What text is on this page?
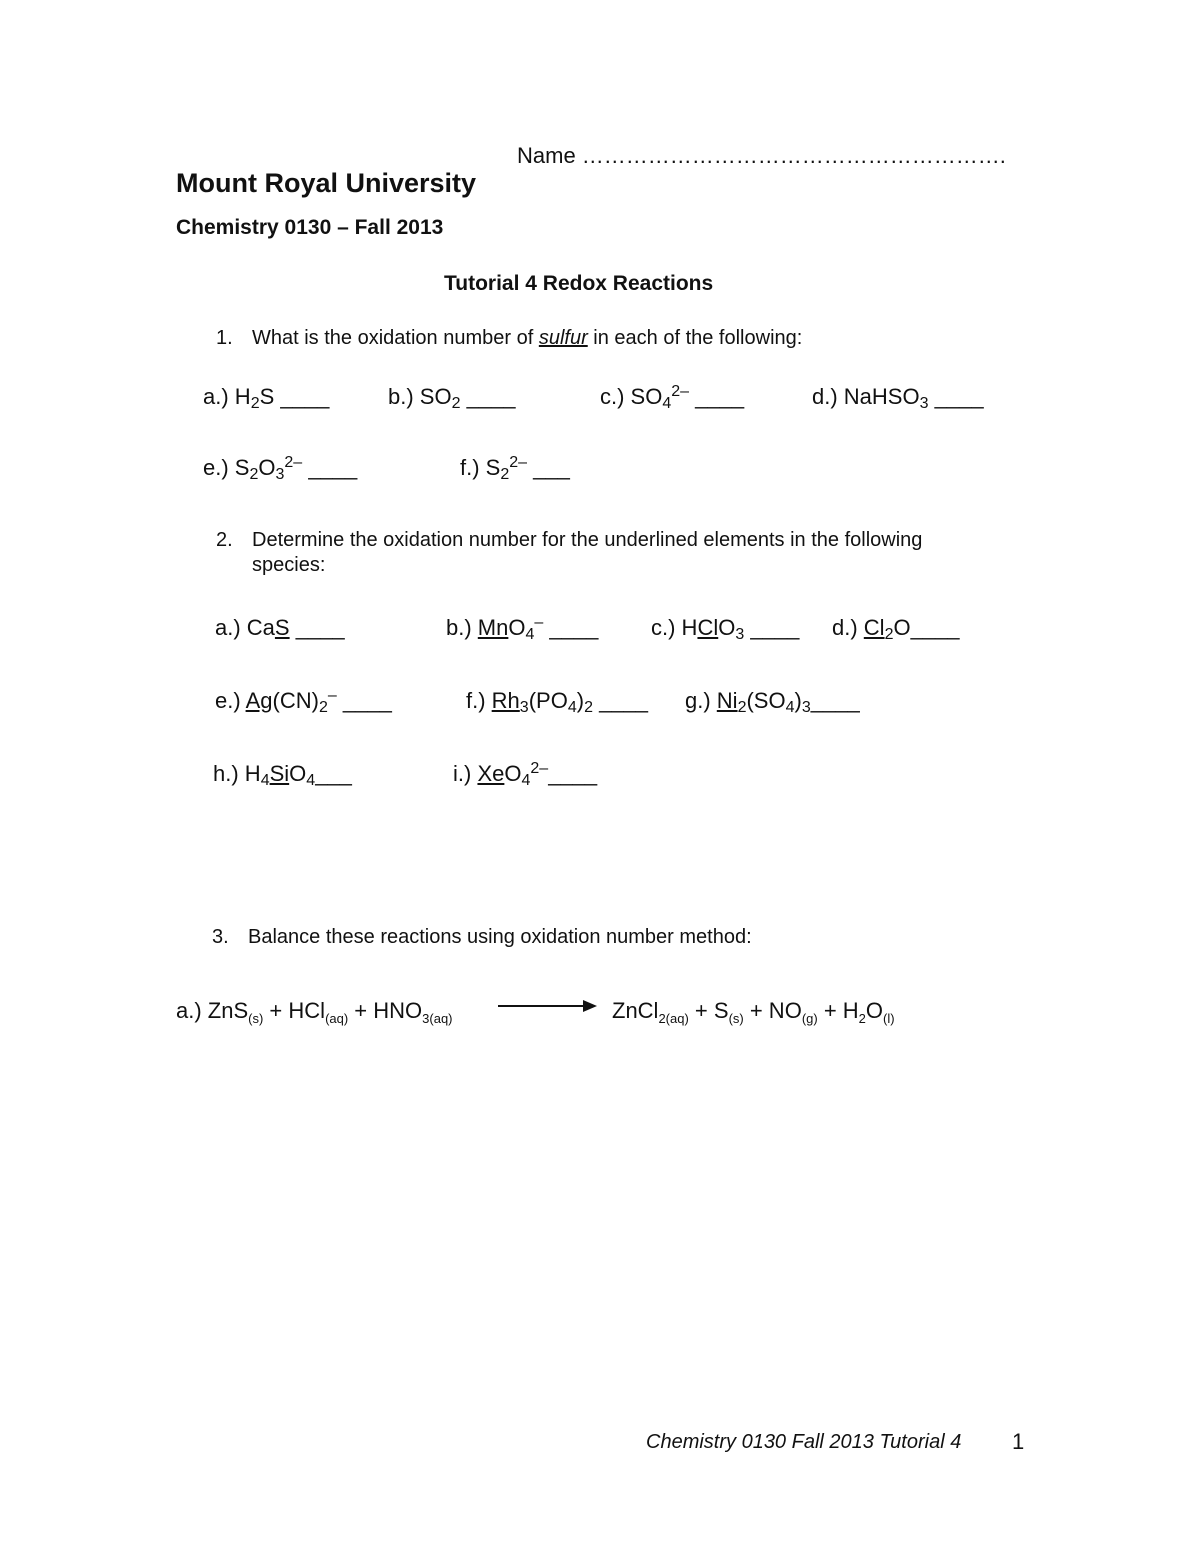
Name ………………………………………………….
Mount Royal University
Chemistry 0130 – Fall 2013
Tutorial 4 Redox Reactions
1. What is the oxidation number of sulfur in each of the following:
a.) $H_2S$ ____	b.) $SO_2$ ____	c.) $SO_4^{2-}$ ____	d.) NaHSO$_3$ ____
e.) $S_2O_3^{2-}$ ____	f.) $S_2^{2-}$ ___
2. Determine the oxidation number for the underlined elements in the following
species:
a.) CaS ____	b.) MnO$_4$– ____ c.) HClO$_3$ ____ d.) $Cl_2O\_\_\_\_$
e.) $Ag(CN)_2^-$ ____	f.) $Rh_3(PO_4)_2$ ____ g.) $Ni_2(SO_4)_3\_\_\_\_$
h.) $H_4SiO_4\_\_\_$	i.) XeO$_4^{2-}$____
3. Balance these reactions using oxidation number method:
a.) $ZnS_{(s)} + HCl_{(aq)} + HNO_{3(aq)}$	ZnCl$_{2(aq)}$ + $S_{(s)} + NO_{(g)} + H_2O_{(l)}$
Chemistry 0130 Fall 2013 Tutorial 4 1
